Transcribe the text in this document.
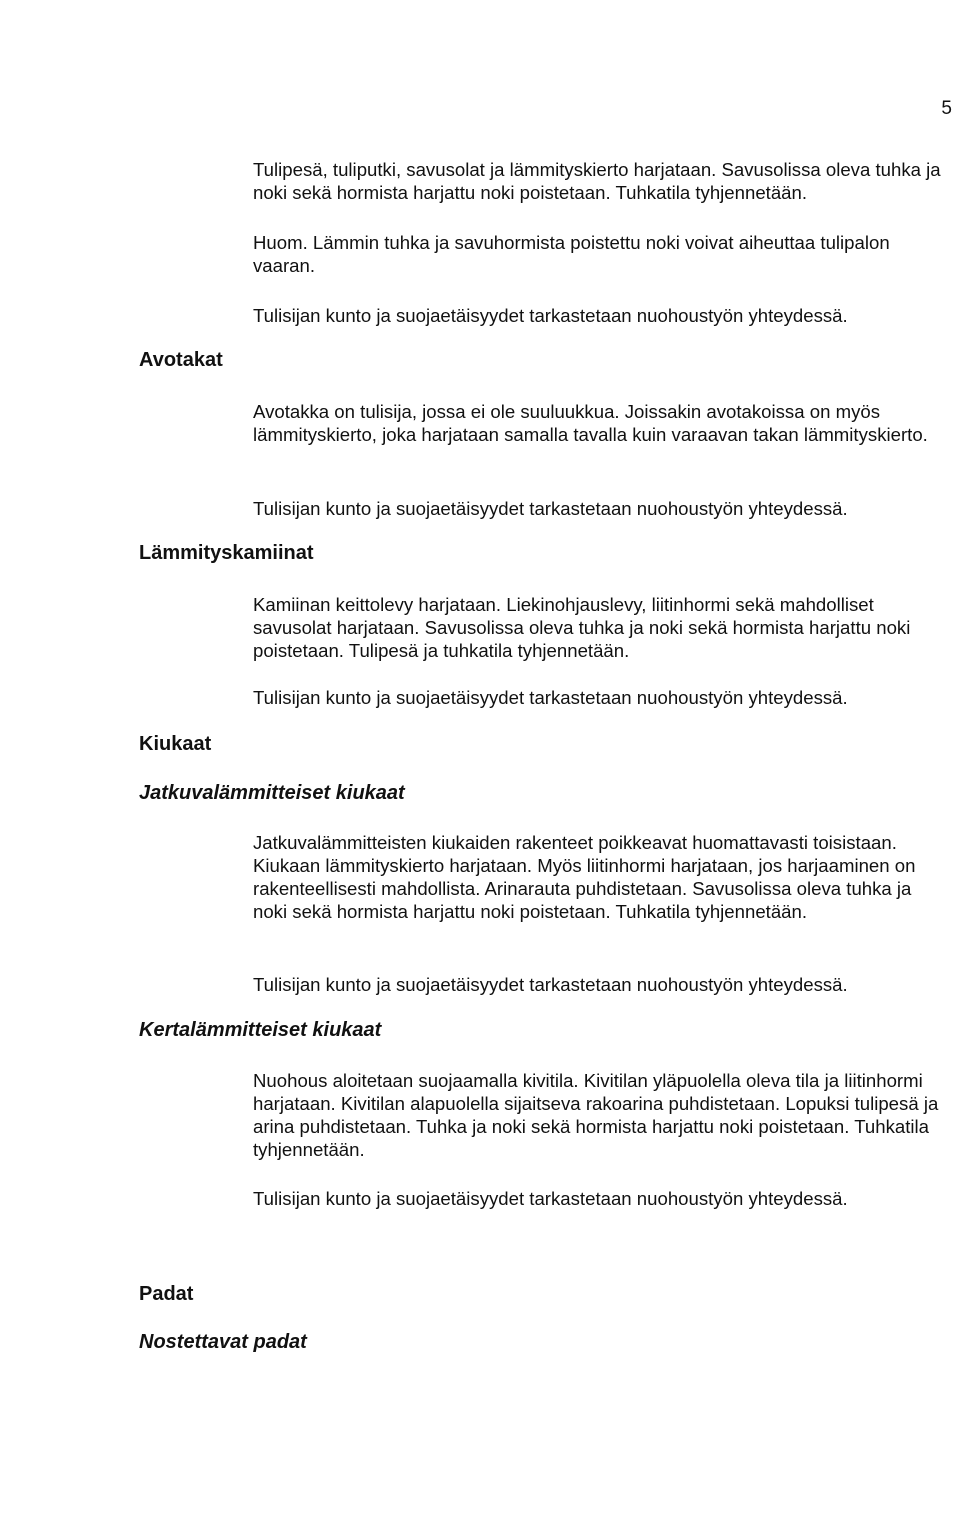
5

Tulipesä, tuliputki, savusolat ja lämmityskierto harjataan. Savusolissa oleva tuhka ja noki sekä hormista harjattu noki poistetaan. Tuhkatila tyhjennetään.

Huom. Lämmin tuhka ja savuhormista poistettu noki voivat aiheuttaa tulipalon vaaran.

Tulisijan kunto ja suojaetäisyydet tarkastetaan nuohoustyön yhteydessä.

Avotakat

Avotakka on tulisija, jossa ei ole suuluukkua. Joissakin avotakoissa on myös lämmityskierto, joka harjataan samalla tavalla kuin varaavan takan lämmityskierto.

Tulisijan kunto ja suojaetäisyydet tarkastetaan nuohoustyön yhteydessä.

Lämmityskamiinat

Kamiinan keittolevy harjataan. Liekinohjauslevy, liitinhormi sekä mahdolliset savusolat harjataan. Savusolissa oleva tuhka ja noki sekä hormista harjattu noki poistetaan. Tulipesä ja tuhkatila tyhjennetään.

Tulisijan kunto ja suojaetäisyydet tarkastetaan nuohoustyön yhteydessä.

Kiukaat
Jatkuvalämmitteiset kiukaat

Jatkuvalämmitteisten kiukaiden rakenteet poikkeavat huomattavasti toisistaan. Kiukaan lämmityskierto harjataan. Myös liitinhormi harjataan, jos harjaaminen on rakenteellisesti mahdollista. Arinarauta puhdistetaan. Savusolissa oleva tuhka ja noki sekä hormista harjattu noki poistetaan. Tuhkatila tyhjennetään.

Tulisijan kunto ja suojaetäisyydet tarkastetaan nuohoustyön yhteydessä.

Kertalämmitteiset kiukaat

Nuohous aloitetaan suojaamalla kivitila. Kivitilan yläpuolella oleva tila ja liitinhormi harjataan. Kivitilan alapuolella sijaitseva rakoarina puhdistetaan. Lopuksi tulipesä ja arina puhdistetaan. Tuhka ja noki sekä hormista harjattu noki poistetaan. Tuhkatila tyhjennetään.

Tulisijan kunto ja suojaetäisyydet tarkastetaan nuohoustyön yhteydessä.

Padat
Nostettavat padat
